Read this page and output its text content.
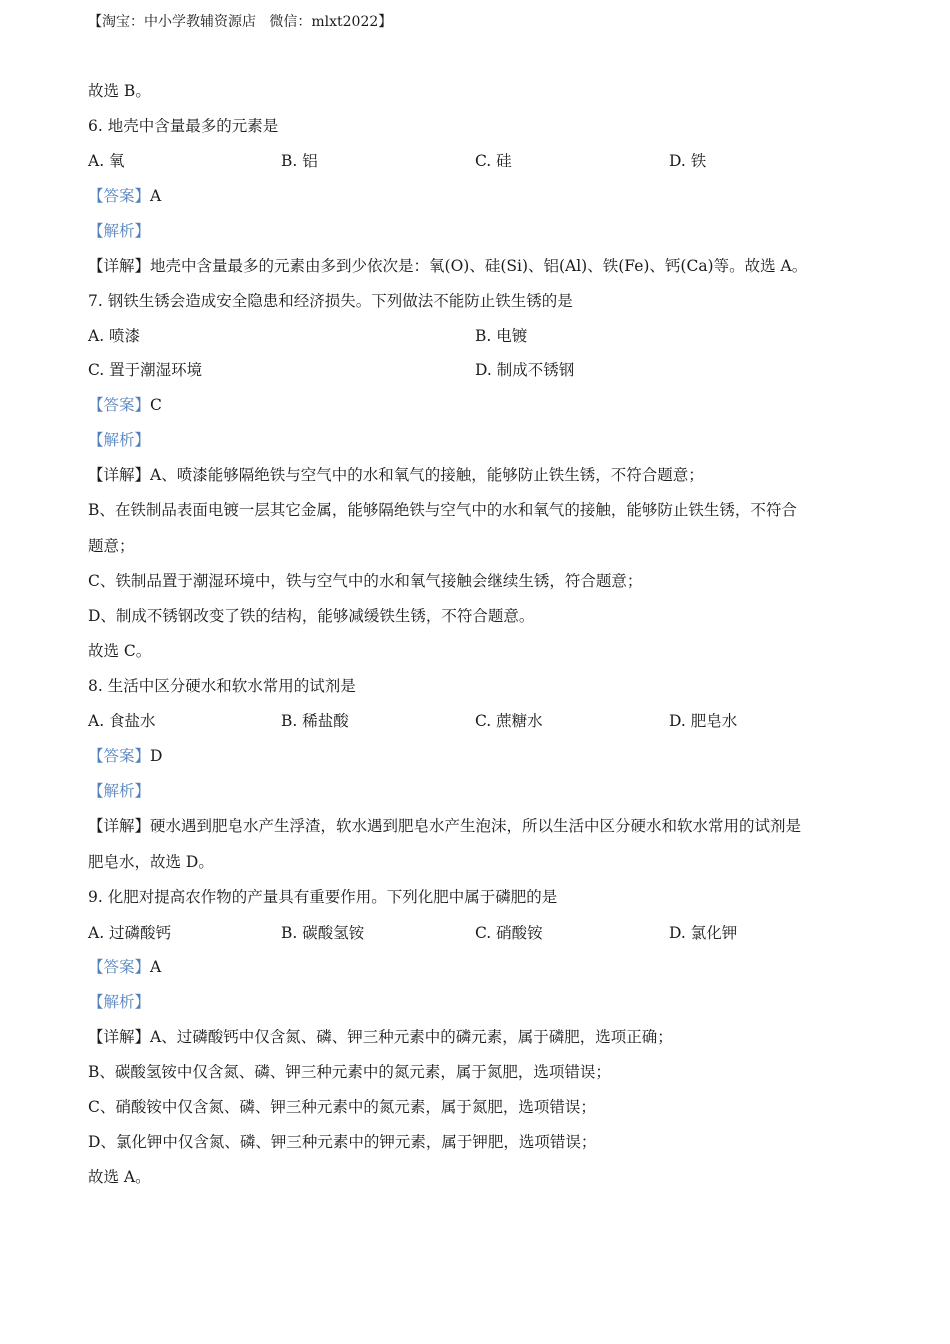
【淘宝：中小学教辅资源店   微信：mlxt2022】
故选 B。
6. 地壳中含量最多的元素是
A. 氧	B. 铝	C. 硅	D. 铁
【答案】A
【解析】
【详解】地壳中含量最多的元素由多到少依次是：氧(O)、硅(Si)、铝(Al)、铁(Fe)、钙(Ca)等。故选 A。
7. 钢铁生锈会造成安全隐患和经济损失。下列做法不能防止铁生锈的是
A. 喷漆	B. 电镀
C. 置于潮湿环境	D. 制成不锈钢
【答案】C
【解析】
【详解】A、喷漆能够隔绝铁与空气中的水和氧气的接触，能够防止铁生锈，不符合题意；
B、在铁制品表面电镀一层其它金属，能够隔绝铁与空气中的水和氧气的接触，能够防止铁生锈，不符合
题意；
C、铁制品置于潮湿环境中，铁与空气中的水和氧气接触会继续生锈，符合题意；
D、制成不锈钢改变了铁的结构，能够减缓铁生锈，不符合题意。
故选 C。
8. 生活中区分硬水和软水常用的试剂是
A. 食盐水	B. 稀盐酸	C. 蔗糖水	D. 肥皂水
【答案】D
【解析】
【详解】硬水遇到肥皂水产生浮渣，软水遇到肥皂水产生泡沫，所以生活中区分硬水和软水常用的试剂是
肥皂水，故选 D。
9. 化肥对提高农作物的产量具有重要作用。下列化肥中属于磷肥的是
A. 过磷酸钙	B. 碳酸氢铵	C. 硝酸铵	D. 氯化钾
【答案】A
【解析】
【详解】A、过磷酸钙中仅含氮、磷、钾三种元素中的磷元素，属于磷肥，选项正确；
B、碳酸氢铵中仅含氮、磷、钾三种元素中的氮元素，属于氮肥，选项错误；
C、硝酸铵中仅含氮、磷、钾三种元素中的氮元素，属于氮肥，选项错误；
D、氯化钾中仅含氮、磷、钾三种元素中的钾元素，属于钾肥，选项错误；
故选 A。
